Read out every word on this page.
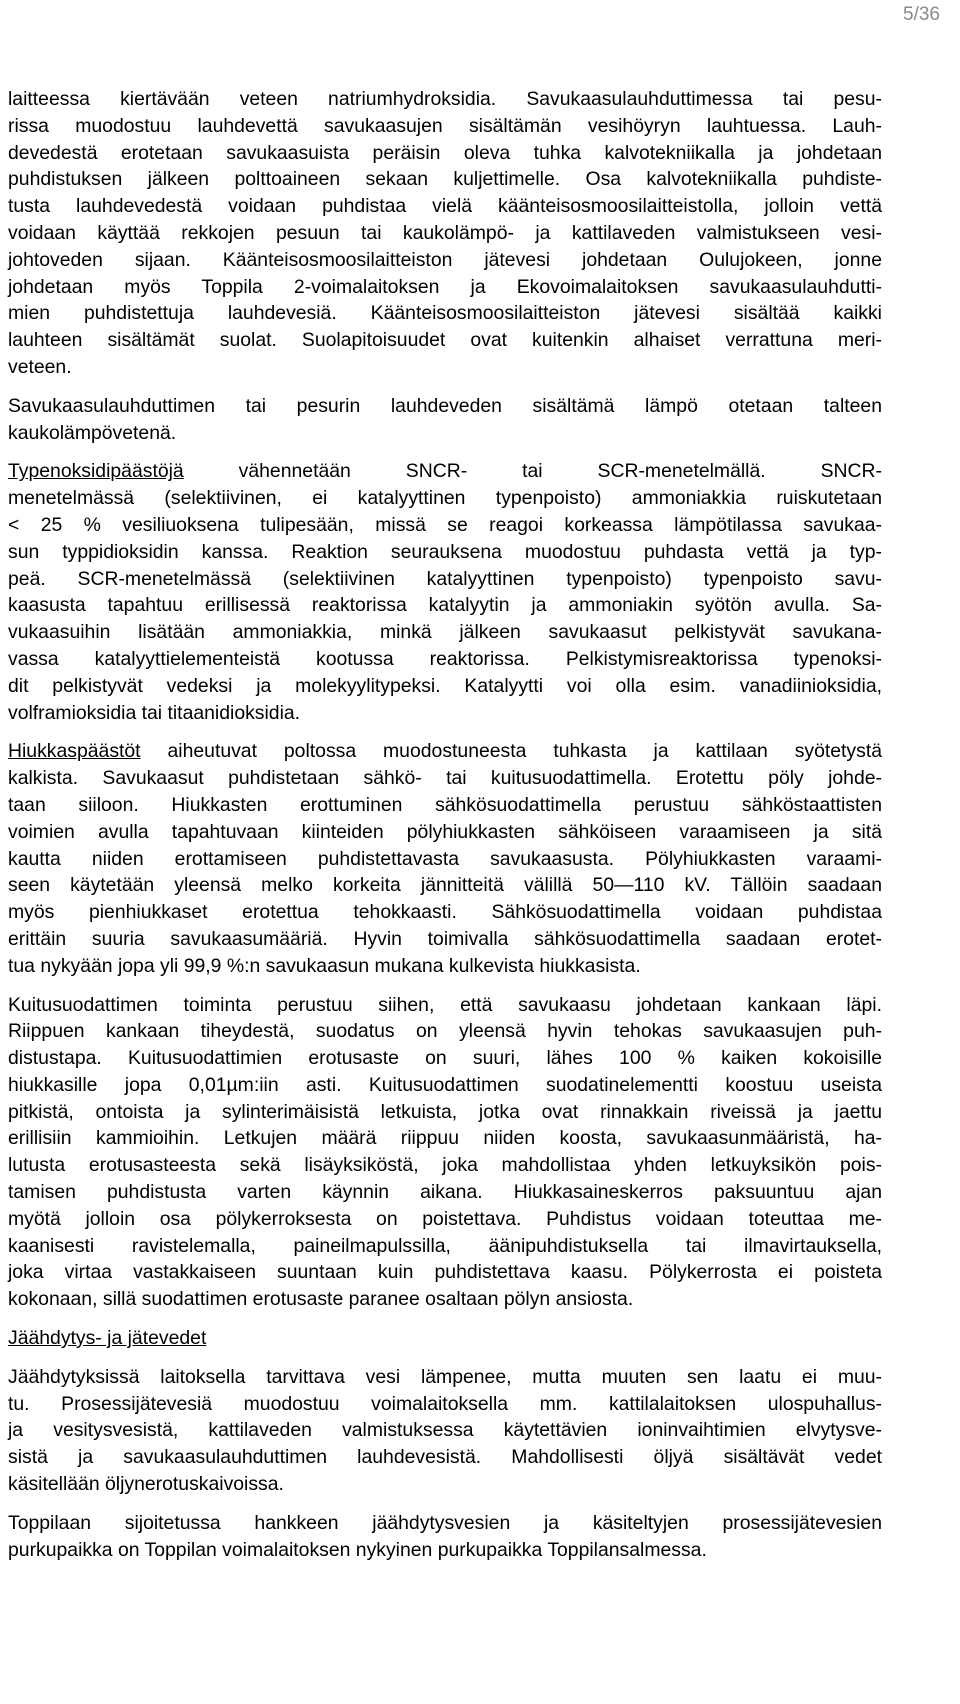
5/36
laitteessa kiertävään veteen natriumhydroksidia. Savukaasulauhduttimessa tai pesu-
rissa muodostuu lauhdevettä savukaasujen sisältämän vesihöyryn lauhtuessa. Lauh-
devedestä erotetaan savukaasuista peräisin oleva tuhka kalvotekniikalla ja johdetaan
puhdistuksen jälkeen polttoaineen sekaan kuljettimelle. Osa kalvotekniikalla puhdiste-
tusta lauhdevedestä voidaan puhdistaa vielä käänteisosmoosilaitteistolla, jolloin vettä
voidaan käyttää rekkojen pesuun tai kaukolämpö- ja kattilaveden valmistukseen vesi-
johtoveden sijaan. Käänteisosmoosilaitteiston jätevesi johdetaan Oulujokeen, jonne
johdetaan myös Toppila 2-voimalaitoksen ja Ekovoimalaitoksen savukaasulauhdutti-
mien puhdistettuja lauhdevesiä. Käänteisosmoosilaitteiston jätevesi sisältää kaikki
lauhteen sisältämät suolat. Suolapitoisuudet ovat kuitenkin alhaiset verrattuna meri-
veteen.
Savukaasulauhduttimen tai pesurin lauhdeveden sisältämä lämpö otetaan talteen
kaukolämpövetenä.
Typenoksidipäästöjä vähennetään SNCR- tai SCR-menetelmällä. SNCR-
menetelmässä (selektiivinen, ei katalyyttinen typenpoisto) ammoniakkia ruiskutetaan
< 25 % vesiliuoksena tulipesään, missä se reagoi korkeassa lämpötilassa savukaa-
sun typpidioksidin kanssa. Reaktion seurauksena muodostuu puhdasta vettä ja typ-
peä. SCR-menetelmässä (selektiivinen katalyyttinen typenpoisto) typenpoisto savu-
kaasusta tapahtuu erillisessä reaktorissa katalyytin ja ammoniakin syötön avulla. Sa-
vukaasuihin lisätään ammoniakkia, minkä jälkeen savukaasut pelkistyvät savukana-
vassa katalyyttielementeistä kootussa reaktorissa. Pelkistymisreaktorissa typenoksi-
dit pelkistyvät vedeksi ja molekyylitypeksi. Katalyytti voi olla esim. vanadiinioksidia,
volframioksidia tai titaanidioksidia.
Hiukkaspäästöt aiheutuvat poltossa muodostuneesta tuhkasta ja kattilaan syötetystä
kalkista. Savukaasut puhdistetaan sähkö- tai kuitusuodattimella. Erotettu pöly johde-
taan siiloon. Hiukkasten erottuminen sähkösuodattimella perustuu sähköstaattisten
voimien avulla tapahtuvaan kiinteiden pölyhiukkasten sähköiseen varaamiseen ja sitä
kautta niiden erottamiseen puhdistettavasta savukaasusta. Pölyhiukkasten varaami-
seen käytetään yleensä melko korkeita jännitteitä välillä 50—110 kV. Tällöin saadaan
myös pienhiukkaset erotettua tehokkaasti. Sähkösuodattimella voidaan puhdistaa
erittäin suuria savukaasumääriä. Hyvin toimivalla sähkösuodattimella saadaan erotet-
tua nykyään jopa yli 99,9 %:n savukaasun mukana kulkevista hiukkasista.
Kuitusuodattimen toiminta perustuu siihen, että savukaasu johdetaan kankaan läpi.
Riippuen kankaan tiheydestä, suodatus on yleensä hyvin tehokas savukaasujen puh-
distustapa. Kuitusuodattimien erotusaste on suuri, lähes 100 % kaiken kokoisille
hiukkasille jopa 0,01µm:iin asti. Kuitusuodattimen suodatinelementti koostuu useista
pitkistä, ontoista ja sylinterimäisistä letkuista, jotka ovat rinnakkain riveissä ja jaettu
erillisiin kammioihin. Letkujen määrä riippuu niiden koosta, savukaasunmääristä, ha-
lutusta erotusasteesta sekä lisäyksiköstä, joka mahdollistaa yhden letkuyksikön pois-
tamisen puhdistusta varten käynnin aikana. Hiukkasaineskerros paksuuntuu ajan
myötä jolloin osa pölykerroksesta on poistettava. Puhdistus voidaan toteuttaa me-
kaanisesti ravistelemalla, paineilmapulssilla, äänipuhdistuksella tai ilmavirtauksella,
joka virtaa vastakkaiseen suuntaan kuin puhdistettava kaasu. Pölykerrosta ei poisteta
kokonaan, sillä suodattimen erotusaste paranee osaltaan pölyn ansiosta.
Jäähdytys- ja jätevedet
Jäähdytyksissä laitoksella tarvittava vesi lämpenee, mutta muuten sen laatu ei muu-
tu. Prosessijätevesiä muodostuu voimalaitoksella mm. kattilalaitoksen ulospuhallus-
ja vesitysvesistä, kattilaveden valmistuksessa käytettävien ioninvaihtimien elvytysve-
sistä ja savukaasulauhduttimen lauhdevesistä. Mahdollisesti öljyä sisältävät vedet
käsitellään öljynerotuskaivoissa.
Toppilaan sijoitetussa hankkeen jäähdytysvesien ja käsiteltyjen prosessijätevesien
purkupaikka on Toppilan voimalaitoksen nykyinen purkupaikka Toppilansalmessa.
